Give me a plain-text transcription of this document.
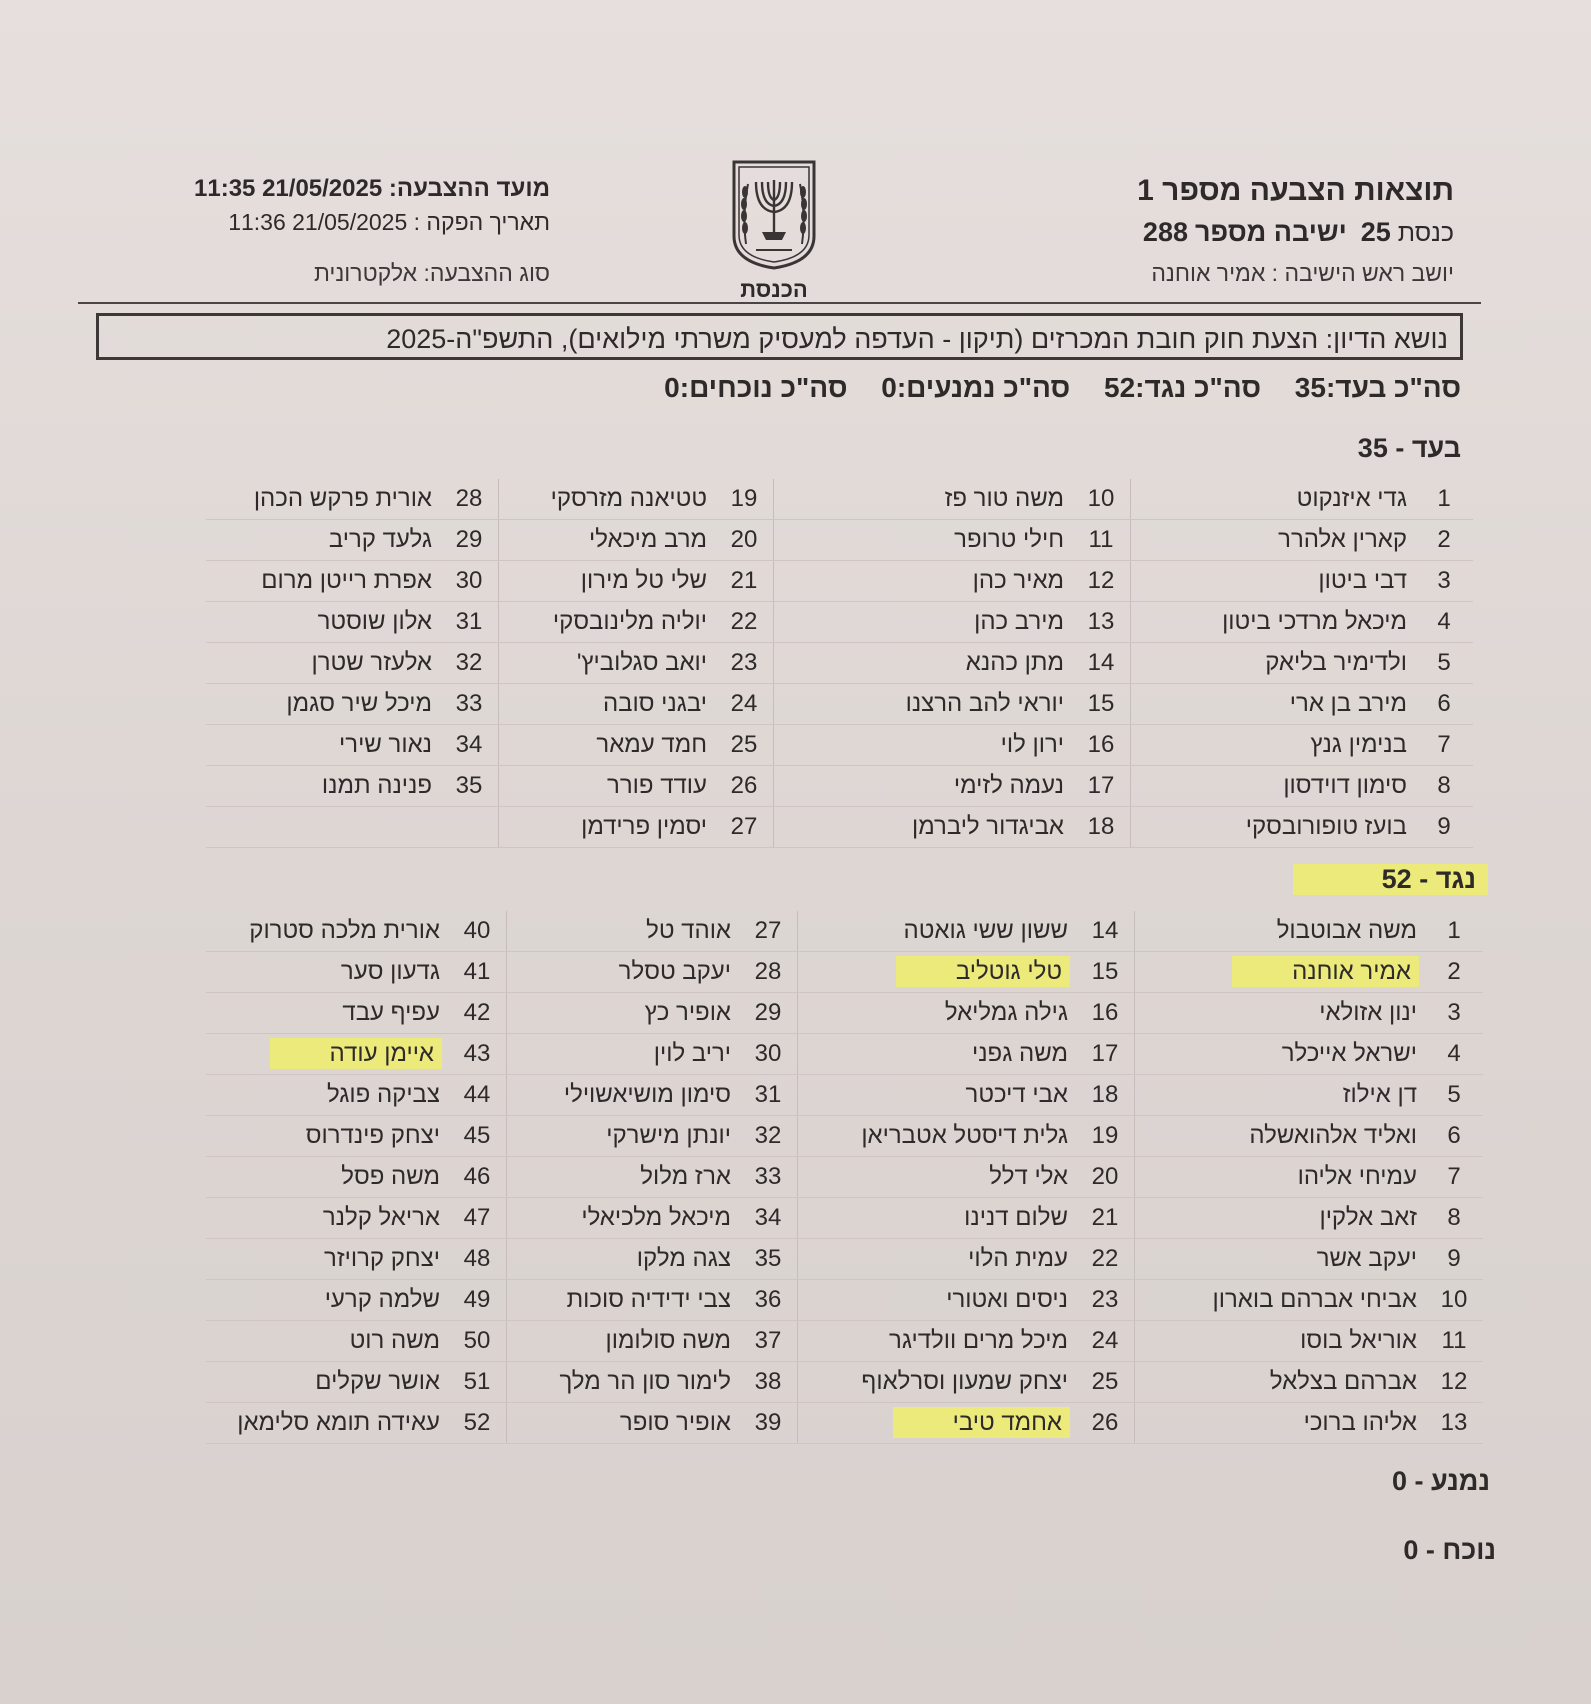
תוצאות הצבעה מספר 1
כנסת 25  ישיבה מספר 288
יושב ראש הישיבה : אמיר אוחנה
הכנסת
מועד ההצבעה: 21/05/2025 11:35
תאריך הפקה : 21/05/2025 11:36
סוג ההצבעה: אלקטרונית
נושא הדיון: הצעת חוק חובת המכרזים (תיקון - העדפה למעסיק משרתי מילואים), התשפ"ה-2025
סה"כ בעד:35 סה"כ נגד:52 סה"כ נמנעים:0 סה"כ נוכחים:0
בעד - 35
1	גדי איזנקוט	10	משה טור פז	19	טטיאנה מזרסקי	28	אורית פרקש הכהן
2	קארין אלהרר	11	חילי טרופר	20	מרב מיכאלי	29	גלעד קריב
3	דבי ביטון	12	מאיר כהן	21	שלי טל מירון	30	אפרת רייטן מרום
4	מיכאל מרדכי ביטון	13	מירב כהן	22	יוליה מלינובסקי	31	אלון שוסטר
5	ולדימיר בליאק	14	מתן כהנא	23	יואב סגלוביץ'	32	אלעזר שטרן
6	מירב בן ארי	15	יוראי להב הרצנו	24	יבגני סובה	33	מיכל שיר סגמן
7	בנימין גנץ	16	ירון לוי	25	חמד עמאר	34	נאור שירי
8	סימון דוידסון	17	נעמה לזימי	26	עודד פורר	35	פנינה תמנו
9	בועז טופורובסקי	18	אביגדור ליברמן	27	יסמין פרידמן		
נגד - 52
1	משה אבוטבול	14	ששון ששי גואטה	27	אוהד טל	40	אורית מלכה סטרוק
2	אמיר אוחנה	15	טלי גוטליב	28	יעקב טסלר	41	גדעון סער
3	ינון אזולאי	16	גילה גמליאל	29	אופיר כץ	42	עפיף עבד
4	ישראל אייכלר	17	משה גפני	30	יריב לוין	43	איימן עודה
5	דן אילוז	18	אבי דיכטר	31	סימון מושיאשוילי	44	צביקה פוגל
6	ואליד אלהואשלה	19	גלית דיסטל אטבריאן	32	יונתן מישרקי	45	יצחק פינדרוס
7	עמיחי אליהו	20	אלי דלל	33	ארז מלול	46	משה פסל
8	זאב אלקין	21	שלום דנינו	34	מיכאל מלכיאלי	47	אריאל קלנר
9	יעקב אשר	22	עמית הלוי	35	צגה מלקו	48	יצחק קרויזר
10	אביחי אברהם בוארון	23	ניסים ואטורי	36	צבי ידידיה סוכות	49	שלמה קרעי
11	אוריאל בוסו	24	מיכל מרים וולדיגר	37	משה סולומון	50	משה רוט
12	אברהם בצלאל	25	יצחק שמעון וסרלאוף	38	לימור סון הר מלך	51	אושר שקלים
13	אליהו ברוכי	26	אחמד טיבי	39	אופיר סופר	52	עאידה תומא סלימאן
נמנע - 0
נוכח - 0
